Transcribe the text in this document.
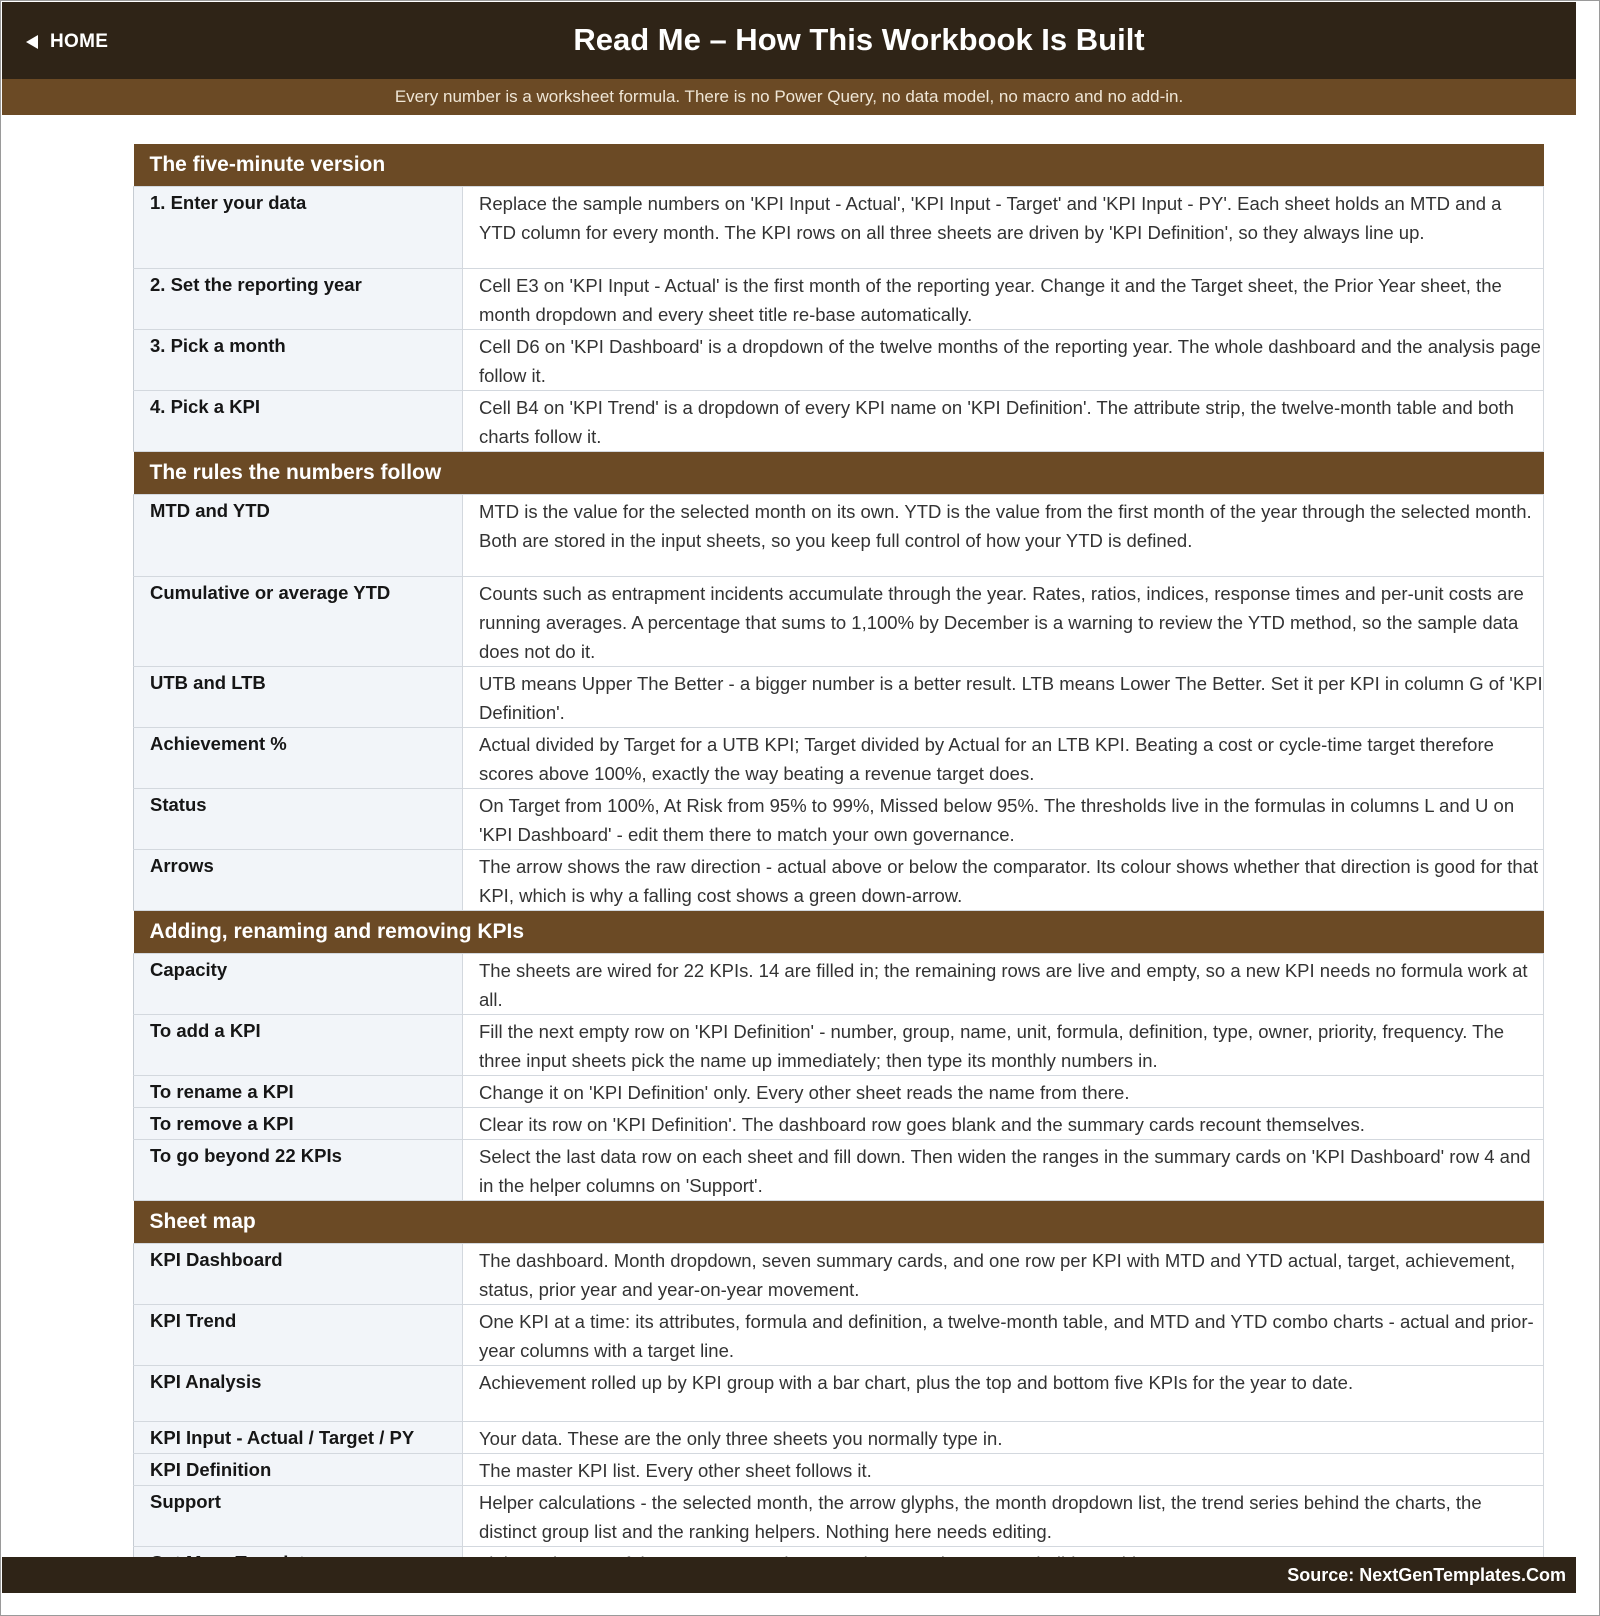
HOME	Read Me – How This Workbook Is Built
Every number is a worksheet formula. There is no Power Query, no data model, no macro and no add-in.
The five-minute version	
1. Enter your data	Replace the sample numbers on 'KPI Input - Actual', 'KPI Input - Target' and 'KPI Input - PY'. Each sheet holds an MTD and a YTD column for every month. The KPI rows on all three sheets are driven by 'KPI Definition', so they always line up.
2. Set the reporting year	Cell E3 on 'KPI Input - Actual' is the first month of the reporting year. Change it and the Target sheet, the Prior Year sheet, the month dropdown and every sheet title re-base automatically.
3. Pick a month	Cell D6 on 'KPI Dashboard' is a dropdown of the twelve months of the reporting year. The whole dashboard and the analysis page follow it.
4. Pick a KPI	Cell B4 on 'KPI Trend' is a dropdown of every KPI name on 'KPI Definition'. The attribute strip, the twelve-month table and both charts follow it.
The rules the numbers follow	
MTD and YTD	MTD is the value for the selected month on its own. YTD is the value from the first month of the year through the selected month. Both are stored in the input sheets, so you keep full control of how your YTD is defined.
Cumulative or average YTD	Counts such as entrapment incidents accumulate through the year. Rates, ratios, indices, response times and per-unit costs are running averages. A percentage that sums to 1,100% by December is a warning to review the YTD method, so the sample data does not do it.
UTB and LTB	UTB means Upper The Better - a bigger number is a better result. LTB means Lower The Better. Set it per KPI in column G of 'KPI Definition'.
Achievement %	Actual divided by Target for a UTB KPI; Target divided by Actual for an LTB KPI. Beating a cost or cycle-time target therefore scores above 100%, exactly the way beating a revenue target does.
Status	On Target from 100%, At Risk from 95% to 99%, Missed below 95%. The thresholds live in the formulas in columns L and U on 'KPI Dashboard' - edit them there to match your own governance.
Arrows	The arrow shows the raw direction - actual above or below the comparator. Its colour shows whether that direction is good for that KPI, which is why a falling cost shows a green down-arrow.
Adding, renaming and removing KPIs	
Capacity	The sheets are wired for 22 KPIs. 14 are filled in; the remaining rows are live and empty, so a new KPI needs no formula work at all.
To add a KPI	Fill the next empty row on 'KPI Definition' - number, group, name, unit, formula, definition, type, owner, priority, frequency. The three input sheets pick the name up immediately; then type its monthly numbers in.
To rename a KPI	Change it on 'KPI Definition' only. Every other sheet reads the name from there.
To remove a KPI	Clear its row on 'KPI Definition'. The dashboard row goes blank and the summary cards recount themselves.
To go beyond 22 KPIs	Select the last data row on each sheet and fill down. Then widen the ranges in the summary cards on 'KPI Dashboard' row 4 and in the helper columns on 'Support'.
Sheet map	
KPI Dashboard	The dashboard. Month dropdown, seven summary cards, and one row per KPI with MTD and YTD actual, target, achievement, status, prior year and year-on-year movement.
KPI Trend	One KPI at a time: its attributes, formula and definition, a twelve-month table, and MTD and YTD combo charts - actual and prior-year columns with a target line.
KPI Analysis	Achievement rolled up by KPI group with a bar chart, plus the top and bottom five KPIs for the year to date.
KPI Input - Actual / Target / PY	Your data. These are the only three sheets you normally type in.
KPI Definition	The master KPI list. Every other sheet follows it.
Support	Helper calculations - the selected month, the arrow glyphs, the month dropdown list, the trend series behind the charts, the distinct group list and the ranking helpers. Nothing here needs editing.

Source: NextGenTemplates.Com
